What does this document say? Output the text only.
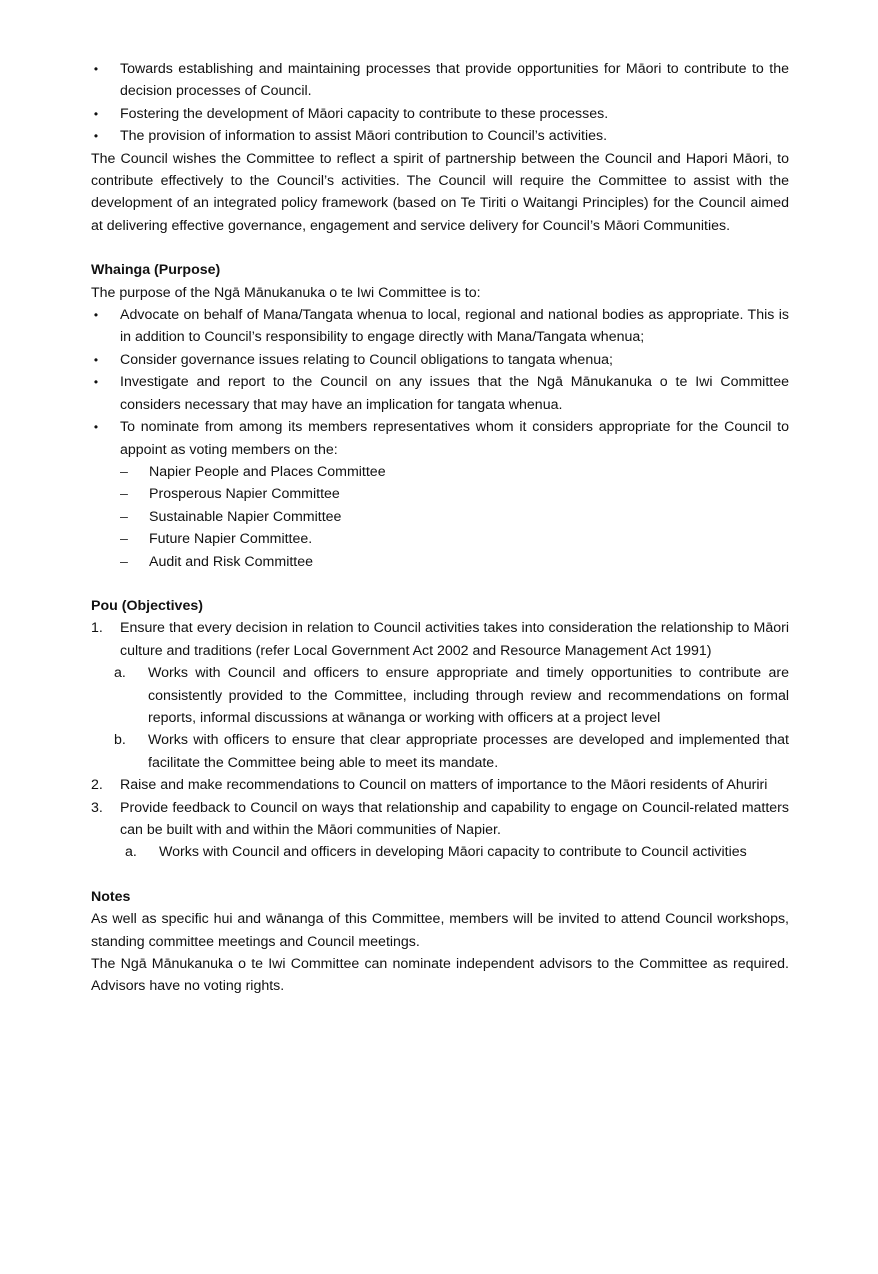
• Towards establishing and maintaining processes that provide opportunities for Māori to contribute to the decision processes of Council.
• Fostering the development of Māori capacity to contribute to these processes.
• The provision of information to assist Māori contribution to Council’s activities.

The Council wishes the Committee to reflect a spirit of partnership between the Council and Hapori Māori, to contribute effectively to the Council’s activities. The Council will require the Committee to assist with the development of an integrated policy framework (based on Te Tiriti o Waitangi Principles) for the Council aimed at delivering effective governance, engagement and service delivery for Council’s Māori Communities.

Whainga (Purpose)

The purpose of the Ngā Mānukanuka o te Iwi Committee is to:

• Advocate on behalf of Mana/Tangata whenua to local, regional and national bodies as appropriate. This is in addition to Council’s responsibility to engage directly with Mana/Tangata whenua;
• Consider governance issues relating to Council obligations to tangata whenua;
• Investigate and report to the Council on any issues that the Ngā Mānukanuka o te Iwi Committee considers necessary that may have an implication for tangata whenua.
• To nominate from among its members representatives whom it considers appropriate for the Council to appoint as voting members on the:
– Napier People and Places Committee
– Prosperous Napier Committee
– Sustainable Napier Committee
– Future Napier Committee.
– Audit and Risk Committee

Pou (Objectives)

1. Ensure that every decision in relation to Council activities takes into consideration the relationship to Māori culture and traditions (refer Local Government Act 2002 and Resource Management Act 1991)
a. Works with Council and officers to ensure appropriate and timely opportunities to contribute are consistently provided to the Committee, including through review and recommendations on formal reports, informal discussions at wānanga or working with officers at a project level
b. Works with officers to ensure that clear appropriate processes are developed and implemented that facilitate the Committee being able to meet its mandate.
2. Raise and make recommendations to Council on matters of importance to the Māori residents of Ahuriri
3. Provide feedback to Council on ways that relationship and capability to engage on Council-related matters can be built with and within the Māori communities of Napier.
a. Works with Council and officers in developing Māori capacity to contribute to Council activities

Notes

As well as specific hui and wānanga of this Committee, members will be invited to attend Council workshops, standing committee meetings and Council meetings.

The Ngā Mānukanuka o te Iwi Committee can nominate independent advisors to the Committee as required. Advisors have no voting rights.
